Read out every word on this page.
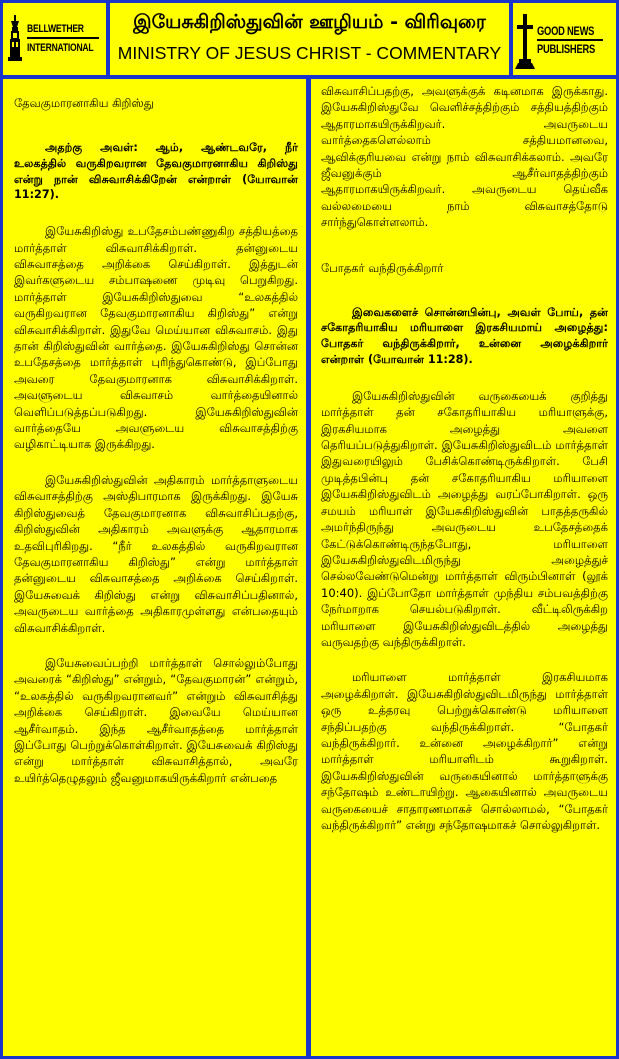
BELLWETHER
INTERNATIONAL
இயேசுகிறிஸ்துவின் ஊழியம் - விரிவுரை
MINISTRY OF JESUS CHRIST - COMMENTARY
GOOD NEWS
PUBLISHERS
தேவகுமாரனாகிய கிறிஸ்து
அதற்கு அவள்: ஆம், ஆண்டவரே, நீர் உலகத்தில் வருகிறவரான தேவகுமாரனாகிய கிறிஸ்து என்று நான் விசுவாசிக்கிறேன் என்றாள் (யோவான் 11:27).

இயேசுகிறிஸ்து உபதேசம்பண்ணுகிற சத்தியத்தை மார்த்தாள் விசுவாசிக்கிறாள். தன்னுடைய விசுவாசத்தை அறிக்கை செய்கிறாள். இத்துடன் இவர்களுடைய சம்பாஷணை முடிவு பெறுகிறது. மார்த்தாள் இயேசுகிறிஸ்துவை “உலகத்தில் வருகிறவரான தேவகுமாரனாகிய கிறிஸ்து” என்று விசுவாசிக்கிறாள். இதுவே மெய்யான விசுவாசம். இது தான் கிறிஸ்துவின் வார்த்தை. இயேசுகிறிஸ்து சொன்ன உபதேசத்தை மார்த்தாள் புரிந்துகொண்டு, இப்போது அவரை தேவகுமாரனாக விசுவாசிக்கிறாள். அவளுடைய விசுவாசம் வார்த்தையினால் வெளிப்படுத்தப்படுகிறது. இயேசுகிறிஸ்துவின் வார்த்தையே அவளுடைய விசுவாசத்திற்கு வழிகாட்டியாக இருக்கிறது.

இயேசுகிறிஸ்துவின் அதிகாரம் மார்த்தாளுடைய விசுவாசத்திற்கு அஸ்திபாரமாக இருக்கிறது. இயேசு கிறிஸ்துவைத் தேவகுமாரனாக விசுவாசிப்பதற்கு, கிறிஸ்துவின் அதிகாரம் அவளுக்கு ஆதாரமாக உதவிபுரிகிறது. “நீர் உலகத்தில் வருகிறவரான தேவகுமாரனாகிய கிறிஸ்து” என்று மார்த்தாள் தன்னுடைய விசுவாசத்தை அறிக்கை செய்கிறாள். இயேசுவைக் கிறிஸ்து என்று விசுவாசிப்பதினால், அவருடைய வார்த்தை அதிகாரமுள்ளது என்பதையும் விசுவாசிக்கிறாள்.

இயேசுவைப்பற்றி மார்த்தாள் சொல்லும்போது அவரைக் “கிறிஸ்து” என்றும், “தேவகுமாரன்” என்றும், “உலகத்தில் வருகிறவரானவர்” என்றும் விசுவாசித்து அறிக்கை செய்கிறாள். இவையே மெய்யான ஆசீர்வாதம். இந்த ஆசீர்வாதத்தை மார்த்தாள் இப்போது பெற்றுக்கொள்கிறாள். இயேசுவைக் கிறிஸ்து என்று மார்த்தாள் விசுவாசித்தால், அவரே உயிர்த்தெழுதலும் ஜீவனுமாகயிருக்கிறார் என்பதை

விசுவாசிப்பதற்கு, அவளுக்குக் கடினமாக இருக்காது. இயேசுகிறிஸ்துவே வெளிச்சத்திற்கும் சத்தியத்திற்கும் ஆதாரமாகயிருக்கிறவர். அவருடைய வார்த்தைகளெல்லாம் சத்தியமானவை, ஆவிக்குரியவை என்று நாம் விசுவாசிக்கலாம். அவரே ஜீவனுக்கும் ஆசீர்வாதத்திற்கும் ஆதாரமாகயிருக்கிறவர். அவருடைய தெய்வீக வல்லமையை நாம் விசுவாசத்தோடு சார்ந்துகொள்ளலாம்.

போதகர் வந்திருக்கிறார்
இவைகளைச் சொன்னபின்பு, அவள் போய், தன் சகோதரியாகிய மரியாளை இரகசியமாய் அழைத்து: போதகர் வந்திருக்கிறார், உன்னை அழைக்கிறார் என்றாள் (யோவான் 11:28).

இயேசுகிறிஸ்துவின் வருகையைக் குறித்து மார்த்தாள் தன் சகோதரியாகிய மரியாளுக்கு, இரகசியமாக அழைத்து அவளை தெரியப்படுத்துகிறாள். இயேசுகிறிஸ்துவிடம் மார்த்தாள் இதுவரையிலும் பேசிக்கொண்டிருக்கிறாள். பேசி முடித்தபின்பு தன் சகோதரியாகிய மரியாளை இயேசுகிறிஸ்துவிடம் அழைத்து வரப்போகிறாள். ஒரு சமயம் மரியாள் இயேசுகிறிஸ்துவின் பாதத்தருகில் அமர்ந்திருந்து அவருடைய உபதேசத்தைக் கேட்டுக்கொண்டிருந்தபோது, மரியாளை இயேசுகிறிஸ்துவிடமிருந்து அழைத்துச் செல்லவேண்டுமென்று மார்த்தாள் விரும்பினாள் (லூக் 10:40). இப்போதோ மார்த்தாள் முந்திய சம்பவத்திற்கு நேர்மாறாக செயல்படுகிறாள். வீட்டிலிருக்கிற மரியாளை இயேசுகிறிஸ்துவிடத்தில் அழைத்து வருவதற்கு வந்திருக்கிறாள்.

மரியாளை மார்த்தாள் இரகசியமாக அழைக்கிறாள். இயேசுகிறிஸ்துவிடமிருந்து மார்த்தாள் ஒரு உத்தரவு பெற்றுக்கொண்டு மரியாளை சந்திப்பதற்கு வந்திருக்கிறாள். “போதகர் வந்திருக்கிறார். உன்னை அழைக்கிறார்” என்று மார்த்தாள் மரியாளிடம் கூறுகிறாள். இயேசுகிறிஸ்துவின் வருகையினால் மார்த்தாளுக்கு சந்தோஷம் உண்டாயிற்று. ஆகையினால் அவருடைய வருகையைச் சாதாரணமாகச் சொல்லாமல், “போதகர் வந்திருக்கிறார்” என்று சந்தோஷமாகச் சொல்லுகிறாள்.
